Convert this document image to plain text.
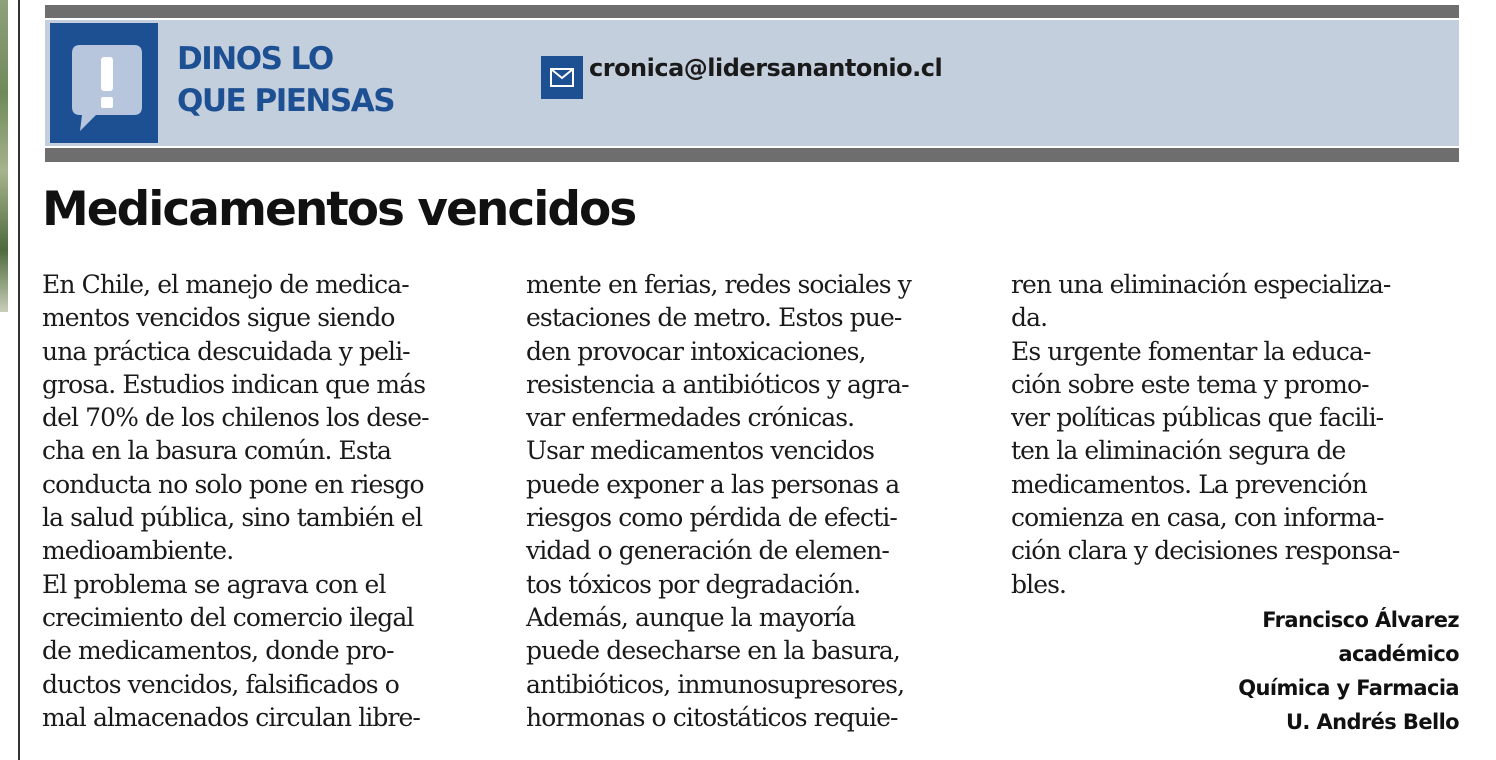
DINOS LO
QUE PIENSAS
cronica@lidersanantonio.cl
Medicamentos vencidos

En Chile, el manejo de medica-

mentos vencidos sigue siendo

una práctica descuidada y peli-

grosa. Estudios indican que más

del 70% de los chilenos los dese-

cha en la basura común. Esta

conducta no solo pone en riesgo

la salud pública, sino también el

medioambiente.

El problema se agrava con el

crecimiento del comercio ilegal

de medicamentos, donde pro-

ductos vencidos, falsificados o

mal almacenados circulan libre-

mente en ferias, redes sociales y

estaciones de metro. Estos pue-

den provocar intoxicaciones,

resistencia a antibióticos y agra-

var enfermedades crónicas.

Usar medicamentos vencidos

puede exponer a las personas a

riesgos como pérdida de efecti-

vidad o generación de elemen-

tos tóxicos por degradación.

Además, aunque la mayoría

puede desecharse en la basura,

antibióticos, inmunosupresores,

hormonas o citostáticos requie-

ren una eliminación especializa-

da.

Es urgente fomentar la educa-

ción sobre este tema y promo-

ver políticas públicas que facili-

ten la eliminación segura de

medicamentos. La prevención

comienza en casa, con informa-

ción clara y decisiones responsa-

bles.

Francisco Álvarez
académico
Química y Farmacia
U. Andrés Bello
